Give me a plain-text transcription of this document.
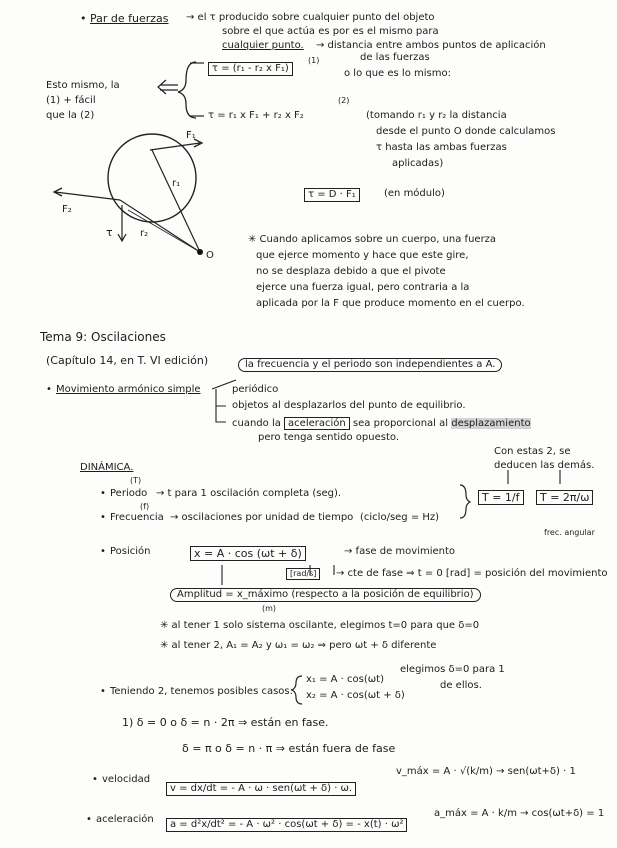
• Par de fuerzas → el τ producido sobre cualquier punto del objeto
sobre el que actúa es por es el mismo para
cualquier punto. → distancia entre ambos puntos de aplicación
de las fuerzas
Esto mismo, la
(1) + fácil
que la (2)
τ = (r₁ - r₂ x F₁)
(1)
o lo que es lo mismo:
τ = r₁ x F₁ + r₂ x F₂
(2)
(tomando r₁ y r₂ la distancia
desde el punto O donde calculamos
τ hasta las ambas fuerzas
aplicadas)
τ = D · F₁	(en módulo)
F₁
F₂
r₁
r₂
τ
O
✳ Cuando aplicamos sobre un cuerpo, una fuerza
que ejerce momento y hace que este gire,
no se desplaza debido a que el pivote
ejerce una fuerza igual, pero contraria a la
aplicada por la F que produce momento en el cuerpo.
Tema 9: Oscilaciones
(Capítulo 14, en T. VI edición)	la frecuencia y el periodo son independientes a A.
• Movimiento armónico simple	periódico
objetos al desplazarlos del punto de equilibrio.
cuando la aceleración sea proporcional al desplazamiento
pero tenga sentido opuesto.
DINÁMICA.
Con estas 2, se
deducen las demás.
(T)
• Periodo → t para 1 oscilación completa (seg).
(f)
• Frecuencia → oscilaciones por unidad de tiempo (ciclo/seg = Hz)
T = 1/f	T = 2π/ω
frec. angular
• Posición	x = A · cos (ωt + δ)	→ fase de movimiento
[rad/s]	→ cte de fase ⇒ t = 0 [rad] = posición del movimiento
Amplitud = x_máximo (respecto a la posición de equilibrio)
(m)
✳ al tener 1 solo sistema oscilante, elegimos t=0 para que δ=0
✳ al tener 2, A₁ = A₂ y ω₁ = ω₂ ⇒ pero ωt + δ diferente
elegimos δ=0 para 1
de ellos.
• Teniendo 2, tenemos posibles casos:
x₁ = A · cos(ωt)
x₂ = A · cos(ωt + δ)
1) δ = 0 o δ = n · 2π ⇒ están en fase.
δ = π o δ = n · π ⇒ están fuera de fase
• velocidad
v = dx/dt = - A · ω · sen(ωt + δ) · ω.
v_máx = A · √(k/m) → sen(ωt+δ) · 1
• aceleración	a = d²x/dt² = - A · ω² · cos(ωt + δ) = - x(t) · ω²
a_máx = A · k/m → cos(ωt+δ) = 1
